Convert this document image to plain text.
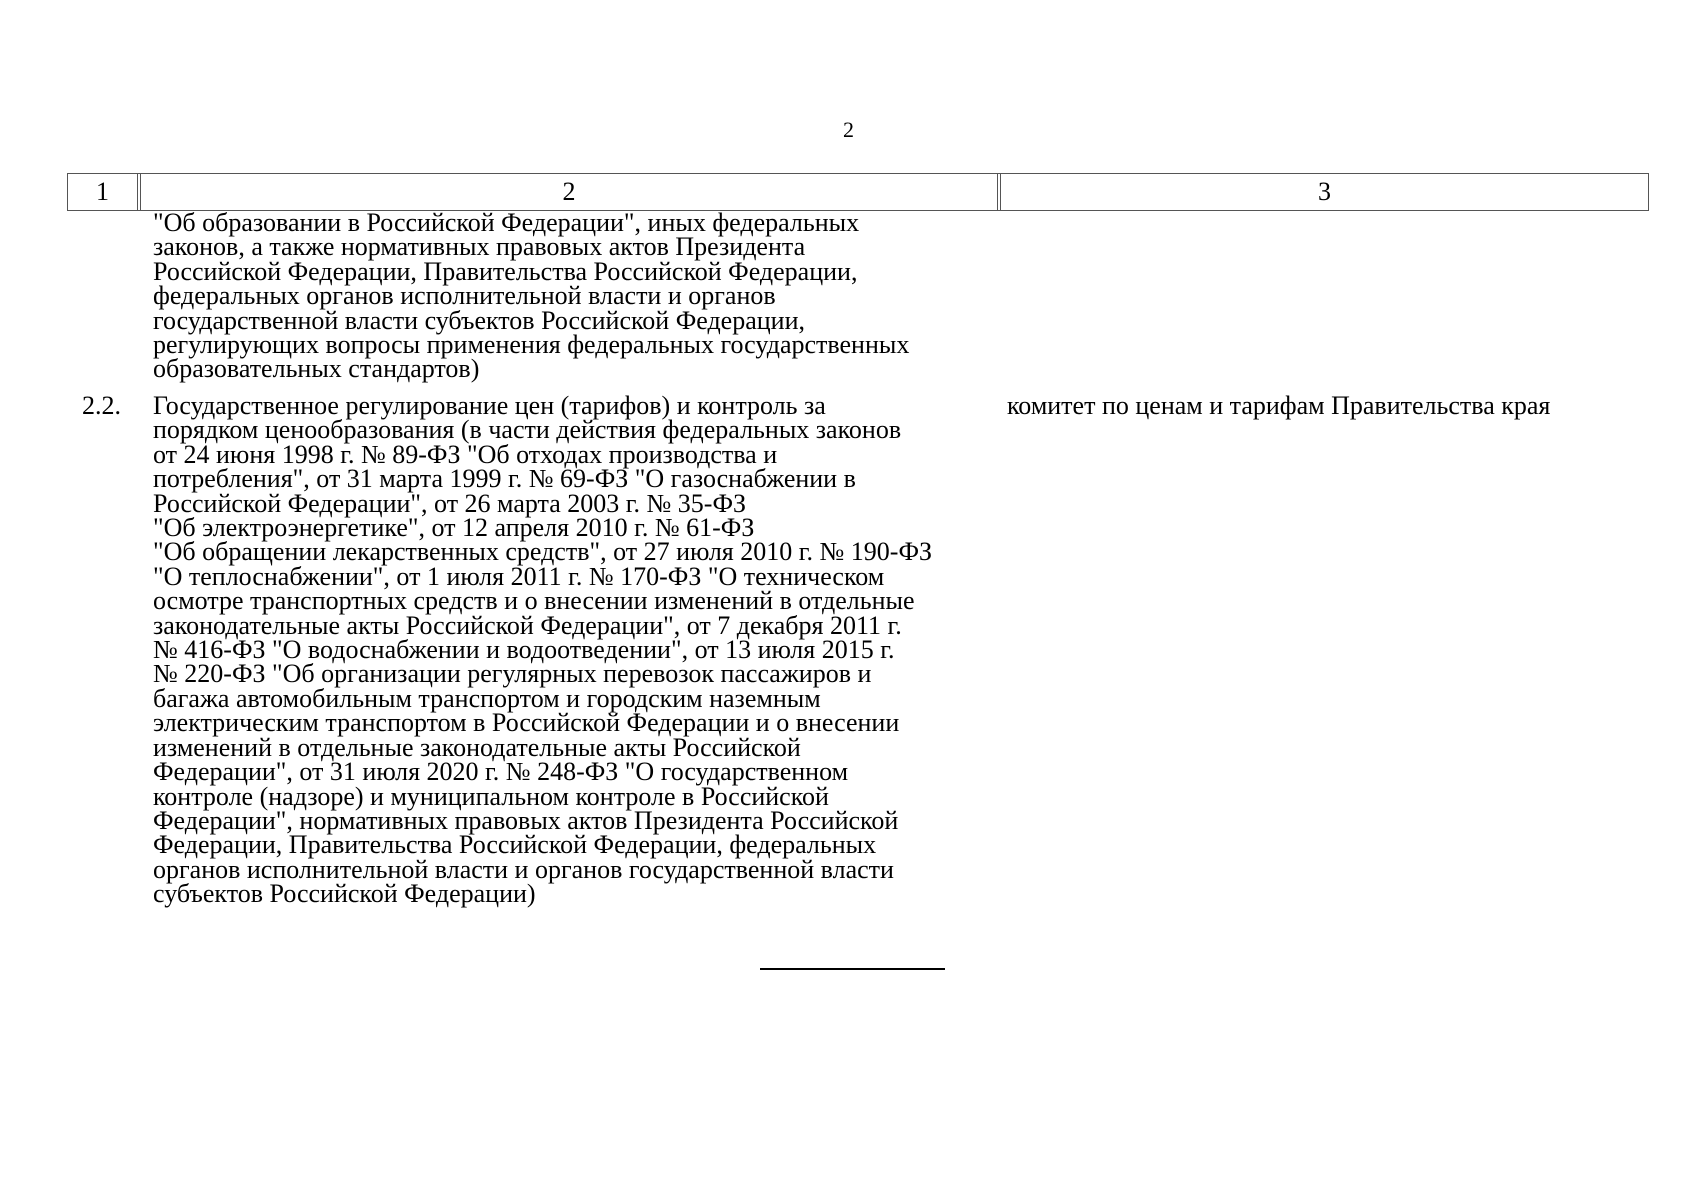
2
1	2	3
"Об образовании в Российской Федерации", иных федеральных
законов, а также нормативных правовых актов Президента
Российской Федерации, Правительства Российской Федерации,
федеральных органов исполнительной власти и органов
государственной власти субъектов Российской Федерации,
регулирующих вопросы применения федеральных государственных
образовательных стандартов)
2.2. Государственное регулирование цен (тарифов) и контроль за
порядком ценообразования (в части действия федеральных законов
от 24 июня 1998 г. № 89-ФЗ "Об отходах производства и
потребления", от 31 марта 1999 г. № 69-ФЗ "О газоснабжении в
Российской Федерации", от 26 марта 2003 г. № 35-ФЗ
"Об электроэнергетике", от 12 апреля 2010 г. № 61-ФЗ
"Об обращении лекарственных средств", от 27 июля 2010 г. № 190-ФЗ
"О теплоснабжении", от 1 июля 2011 г. № 170-ФЗ "О техническом
осмотре транспортных средств и о внесении изменений в отдельные
законодательные акты Российской Федерации", от 7 декабря 2011 г.
№ 416-ФЗ "О водоснабжении и водоотведении", от 13 июля 2015 г.
№ 220-ФЗ "Об организации регулярных перевозок пассажиров и
багажа автомобильным транспортом и городским наземным
электрическим транспортом в Российской Федерации и о внесении
изменений в отдельные законодательные акты Российской
Федерации", от 31 июля 2020 г. № 248-ФЗ "О государственном
контроле (надзоре) и муниципальном контроле в Российской
Федерации", нормативных правовых актов Президента Российской
Федерации, Правительства Российской Федерации, федеральных
органов исполнительной власти и органов государственной власти
субъектов Российской Федерации)
комитет по ценам и тарифам Правительства края
